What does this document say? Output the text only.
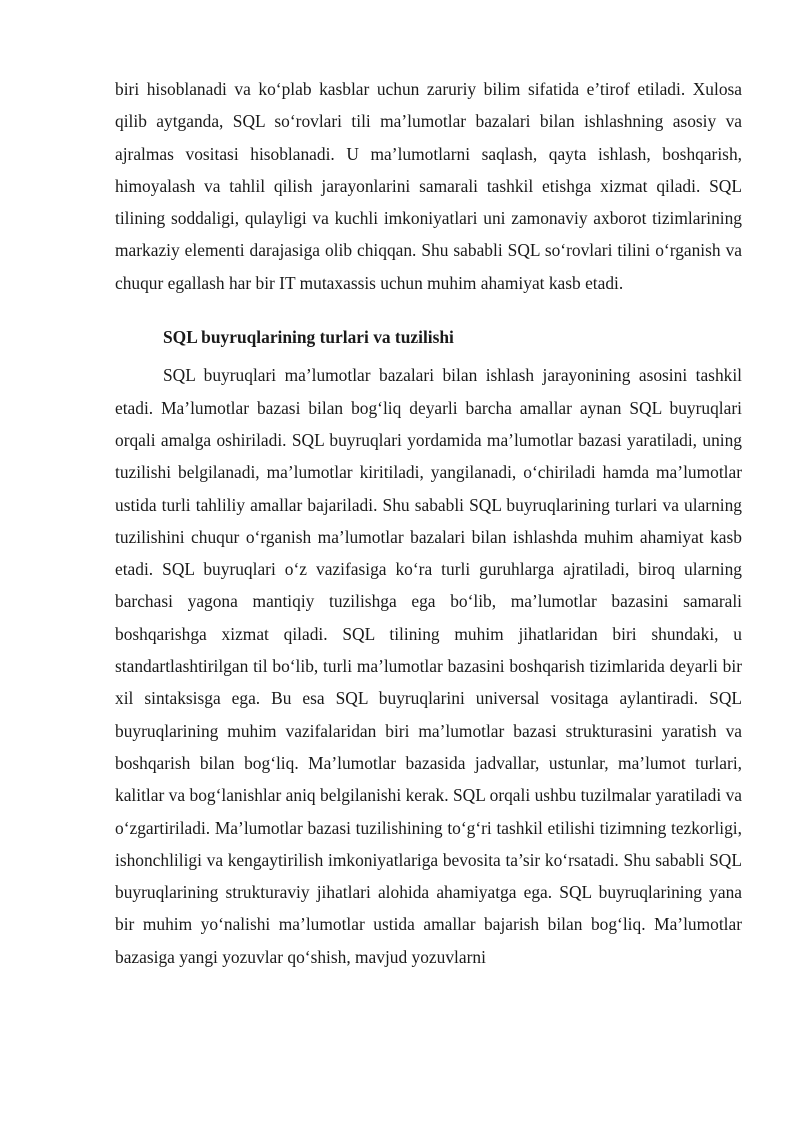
biri hisoblanadi va ko‘plab kasblar uchun zaruriy bilim sifatida e’tirof etiladi. Xulosa qilib aytganda, SQL so‘rovlari tili ma’lumotlar bazalari bilan ishlashning asosiy va ajralmas vositasi hisoblanadi. U ma’lumotlarni saqlash, qayta ishlash, boshqarish, himoyalash va tahlil qilish jarayonlarini samarali tashkil etishga xizmat qiladi. SQL tilining soddaligi, qulayligi va kuchli imkoniyatlari uni zamonaviy axborot tizimlarining markaziy elementi darajasiga olib chiqqan. Shu sababli SQL so‘rovlari tilini o‘rganish va chuqur egallash har bir IT mutaxassis uchun muhim ahamiyat kasb etadi.

SQL buyruqlarining turlari va tuzilishi

SQL buyruqlari ma’lumotlar bazalari bilan ishlash jarayonining asosini tashkil etadi. Ma’lumotlar bazasi bilan bog‘liq deyarli barcha amallar aynan SQL buyruqlari orqali amalga oshiriladi. SQL buyruqlari yordamida ma’lumotlar bazasi yaratiladi, uning tuzilishi belgilanadi, ma’lumotlar kiritiladi, yangilanadi, o‘chiriladi hamda ma’lumotlar ustida turli tahliliy amallar bajariladi. Shu sababli SQL buyruqlarining turlari va ularning tuzilishini chuqur o‘rganish ma’lumotlar bazalari bilan ishlashda muhim ahamiyat kasb etadi. SQL buyruqlari o‘z vazifasiga ko‘ra turli guruhlarga ajratiladi, biroq ularning barchasi yagona mantiqiy tuzilishga ega bo‘lib, ma’lumotlar bazasini samarali boshqarishga xizmat qiladi. SQL tilining muhim jihatlaridan biri shundaki, u standartlashtirilgan til bo‘lib, turli ma’lumotlar bazasini boshqarish tizimlarida deyarli bir xil sintaksisga ega. Bu esa SQL buyruqlarini universal vositaga aylantiradi. SQL buyruqlarining muhim vazifalaridan biri ma’lumotlar bazasi strukturasini yaratish va boshqarish bilan bog‘liq. Ma’lumotlar bazasida jadvallar, ustunlar, ma’lumot turlari, kalitlar va bog‘lanishlar aniq belgilanishi kerak. SQL orqali ushbu tuzilmalar yaratiladi va o‘zgartiriladi. Ma’lumotlar bazasi tuzilishining to‘g‘ri tashkil etilishi tizimning tezkorligi, ishonchliligi va kengaytirilish imkoniyatlariga bevosita ta’sir ko‘rsatadi. Shu sababli SQL buyruqlarining strukturaviy jihatlari alohida ahamiyatga ega. SQL buyruqlarining yana bir muhim yo‘nalishi ma’lumotlar ustida amallar bajarish bilan bog‘liq. Ma’lumotlar bazasiga yangi yozuvlar qo‘shish, mavjud yozuvlarni
